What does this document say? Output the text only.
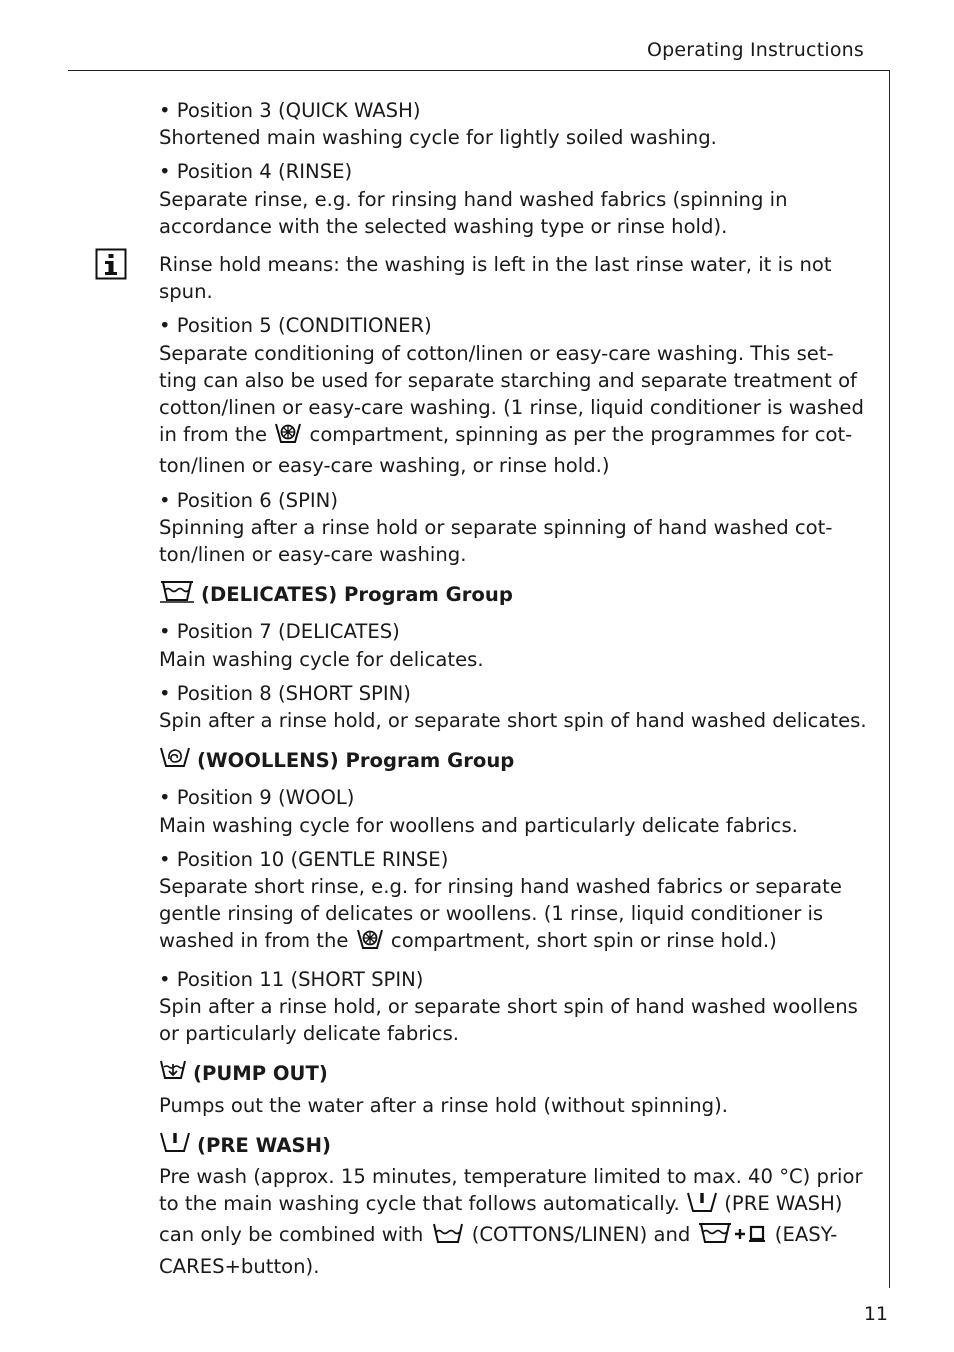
Operating Instructions

• Position 3 (QUICK WASH)

Shortened main washing cycle for lightly soiled washing.

• Position 4 (RINSE)

Separate rinse, e.g. for rinsing hand washed fabrics (spinning in accordance with the selected washing type or rinse hold).

Rinse hold means: the washing is left in the last rinse water, it is not spun.

• Position 5 (CONDITIONER)

Separate conditioning of cotton/linen or easy-care washing. This set-ting can also be used for separate starching and separate treatment of cotton/linen or easy-care washing. (1 rinse, liquid conditioner is washed in from the compartment, spinning as per the programmes for cot-ton/linen or easy-care washing, or rinse hold.)

• Position 6 (SPIN)

Spinning after a rinse hold or separate spinning of hand washed cot-ton/linen or easy-care washing.

(DELICATES) Program Group

• Position 7 (DELICATES)

Main washing cycle for delicates.

• Position 8 (SHORT SPIN)

Spin after a rinse hold, or separate short spin of hand washed delicates.

(WOOLLENS) Program Group

• Position 9 (WOOL)

Main washing cycle for woollens and particularly delicate fabrics.

• Position 10 (GENTLE RINSE)

Separate short rinse, e.g. for rinsing hand washed fabrics or separate gentle rinsing of delicates or woollens. (1 rinse, liquid conditioner is washed in from the compartment, short spin or rinse hold.)

• Position 11 (SHORT SPIN)

Spin after a rinse hold, or separate short spin of hand washed woollens or particularly delicate fabrics.

(PUMP OUT)

Pumps out the water after a rinse hold (without spinning).

(PRE WASH)

Pre wash (approx. 15 minutes, temperature limited to max. 40 °C) prior to the main washing cycle that follows automatically. (PRE WASH) can only be combined with (COTTONS/LINEN) and	(EASY-CARES+button).

11
